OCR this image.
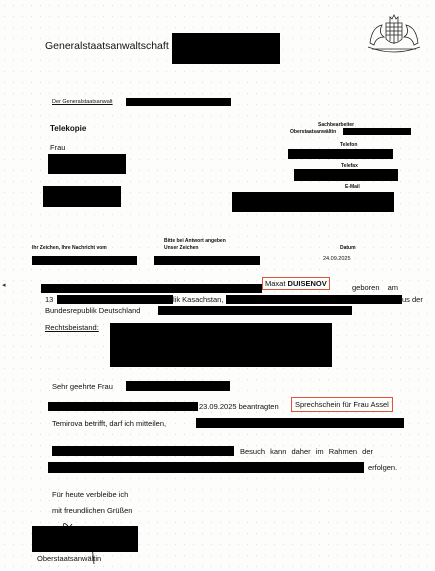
Generalstaatsanwaltschaft
Der Generalstaatsanwalt
Telekopie	Sachbearbeiter
Oberstaatsanwältin
Telefon
Telefax
E-Mail
Frau
Ihr Zeichen, Ihre Nachricht vom
Bitte bei Antwort angeben
Unser Zeichen	Datum
24.09.2025
◂	Maxat DUISENOV	geboren am
13	lik Kasachstan,	us der
Bundesrepublik Deutschland
Rechtsbeistand:
Sehr geehrte Frau
23.09.2025 beantragten	Sprechschein für Frau Assel
Temirova betrifft, darf ich mitteilen,
Besuch kann daher im Rahmen der
erfolgen.
Für heute verbleibe ich
mit freundlichen Grüßen
Oberstaatsanwältin
